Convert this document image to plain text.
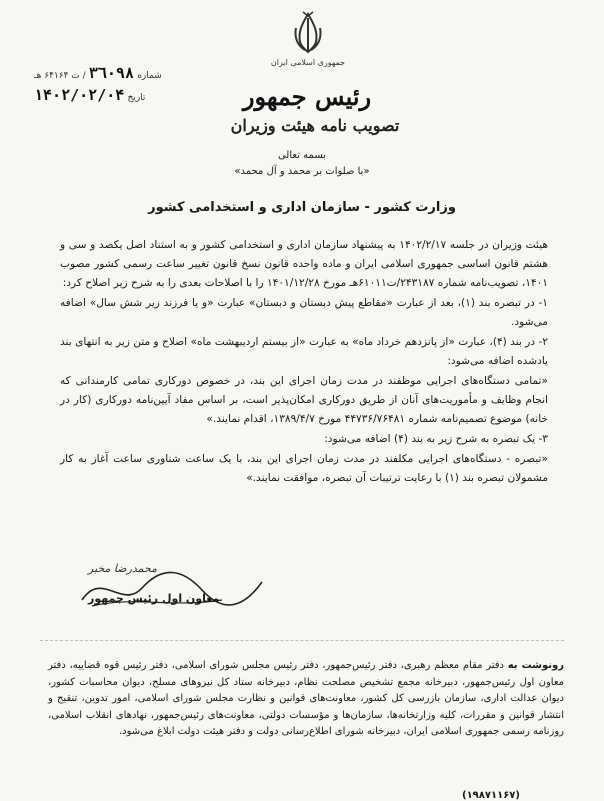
جمهوری اسلامی ایران
رئیس جمهور
تصویب نامه هیئت وزیران
شماره ۳٦۰۹۸ / ت ۶۴۱۶۴ هـ
تاریخ ۱۴۰۲/۰۲/۰۴
بسمه تعالی
«با صلوات بر محمد و آل محمد»
وزارت کشور - سازمان اداری و استخدامی کشور

هیئت وزیران در جلسه ۱۴۰۲/۲/۱۷ به پیشنهاد سازمان اداری و استخدامی کشور و به استناد اصل یکصد و سی و هشتم قانون اساسی جمهوری اسلامی ایران و ماده واحده قانون نسخ قانون تغییر ساعت رسمی کشور مصوب ۱۴۰۱، تصویب‌نامه شماره ۲۴۳۱۸۷/ت۶۱۰۱۱هـ مورخ ۱۴۰۱/۱۲/۲۸ را با اصلاحات بعدی را به شرح زیر اصلاح کرد:

۱- در تبصره بند (۱)، بعد از عبارت «مقاطع پیش دبستان و دبستان» عبارت «و یا فرزند زیر شش سال» اضافه می‌شود.

۲- در بند (۴)، عبارت «از پانزدهم خرداد ماه» به عبارت «از بیستم اردیبهشت ماه» اصلاح و متن زیر به انتهای بند یادشده اضافه می‌شود:

«تمامی دستگاه‌های اجرایی موظفند در مدت زمان اجرای این بند، در خصوص دورکاری تمامی کارمندانی که انجام وظایف و مأموریت‌های آنان از طریق دورکاری امکان‌پذیر است، بر اساس مفاد آیین‌نامه دورکاری (کار در خانه) موضوع تصمیم‌نامه شماره ۴۴۷۳۶/۷۶۴۸۱ مورخ ۱۳۸۹/۴/۷، اقدام نمایند.»

۳- یک تبصره به شرح زیر به بند (۴) اضافه می‌شود:

«تبصره - دستگاه‌های اجرایی مکلفند در مدت زمان اجرای این بند، با یک ساعت شناوری ساعت آغاز به کار مشمولان تبصره بند (۱) با رعایت ترتیبات آن تبصره، موافقت نمایند.»

محمدرضا مخبر
معاون اول رئیس جمهور
رونوشت به دفتر مقام معظم رهبری، دفتر رئیس‌جمهور، دفتر رئیس مجلس شورای اسلامی، دفتر رئیس قوه قضاییه، دفتر معاون اول رئیس‌جمهور، دبیرخانه مجمع تشخیص مصلحت نظام، دبیرخانه ستاد کل نیروهای مسلح، دیوان محاسبات کشور، دیوان عدالت اداری، سازمان بازرسی کل کشور، معاونت‌های قوانین و نظارت مجلس شورای اسلامی، امور تدوین، تنقیح و انتشار قوانین و مقررات، کلیه وزارتخانه‌ها، سازمان‌ها و مؤسسات دولتی، معاونت‌های رئیس‌جمهور، نهادهای انقلاب اسلامی، روزنامه رسمی جمهوری اسلامی ایران، دبیرخانه شورای اطلاع‌رسانی دولت و دفتر هیئت دولت ابلاغ می‌شود.
(۱۹۸۷۱۱۶۷)
